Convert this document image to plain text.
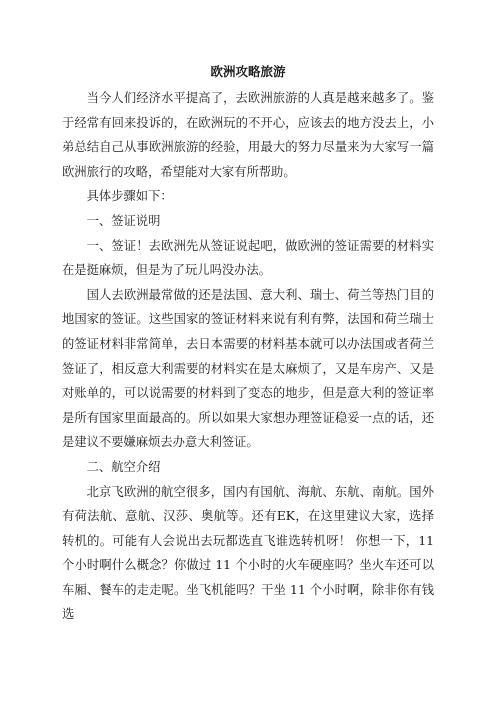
欧洲攻略旅游

当今人们经济水平提高了，去欧洲旅游的人真是越来越多了。鉴于经常有回来投诉的，在欧洲玩的不开心，应该去的地方没去上，小弟总结自己从事欧洲旅游的经验，用最大的努力尽量来为大家写一篇欧洲旅行的攻略，希望能对大家有所帮助。

具体步骤如下：

一、签证说明

一、签证！去欧洲先从签证说起吧，做欧洲的签证需要的材料实在是挺麻烦，但是为了玩儿吗没办法。

国人去欧洲最常做的还是法国、意大利、瑞士、荷兰等热门目的地国家的签证。这些国家的签证材料来说有利有弊，法国和荷兰瑞士的签证材料非常简单，去日本需要的材料基本就可以办法国或者荷兰签证了，相反意大利需要的材料实在是太麻烦了，又是车房产、又是对账单的，可以说需要的材料到了变态的地步，但是意大利的签证率是所有国家里面最高的。所以如果大家想办理签证稳妥一点的话，还是建议不要嫌麻烦去办意大利签证。

二、航空介绍

北京飞欧洲的航空很多，国内有国航、海航、东航、南航。国外有荷法航、意航、汉莎、奥航等。还有EK，在这里建议大家，选择转机的。可能有人会说出去玩都选直飞谁选转机呀！ 你想一下，11 个小时啊什么概念？你做过 11 个小时的火车硬座吗？坐火车还可以车厢、餐车的走走呢。坐飞机能吗？干坐 11 个小时啊，除非你有钱选
